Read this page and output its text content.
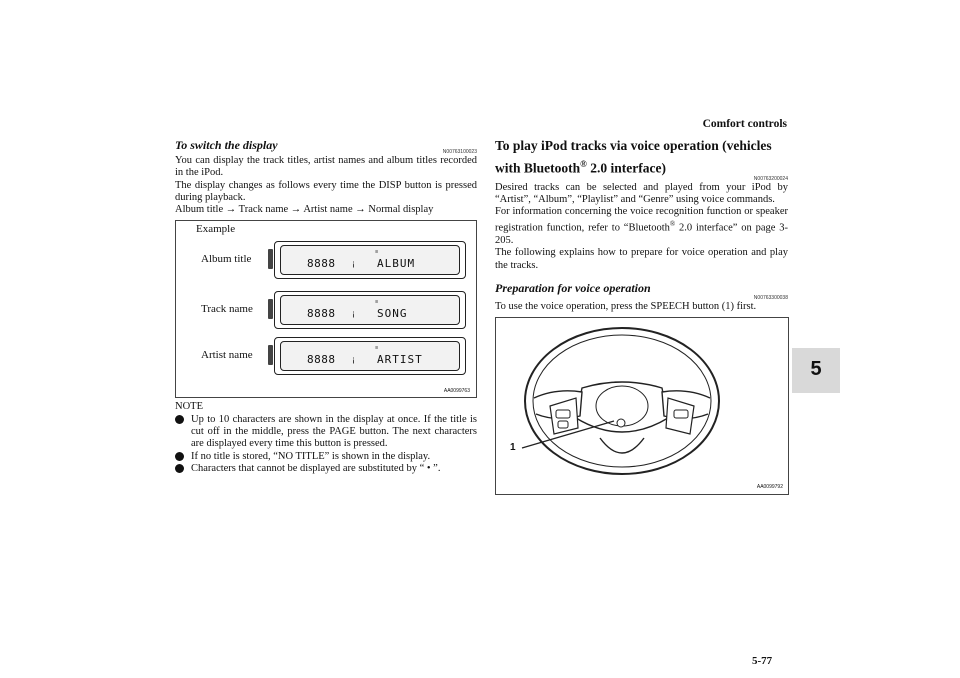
Comfort controls
5-77
5
To switch the display	N00763100023
You can display the track titles, artist names and album titles recorded in the iPod.
The display changes as follows every time the DISP button is pressed during playback.
Album title → Track name → Artist name → Normal display
Example
Album title	8888 ¡
≡
ALBUM
Track name	8888 ¡
≡
SONG
Artist name	8888 ¡
≡
ARTIST
AA0099763
NOTE
Up to 10 characters are shown in the display at once. If the title is cut off in the middle, press the PAGE button. The next characters are displayed every time this button is pressed.
If no title is stored, “NO TITLE” is shown in the display.
Characters that cannot be displayed are substituted by “ • ”.
To play iPod tracks via voice operation (vehicles with Bluetooth® 2.0 interface)
N00763200024
Desired tracks can be selected and played from your iPod by “Artist”, “Album”, “Playlist” and “Genre” using voice commands.
For information concerning the voice recognition function or speaker registration function, refer to “Bluetooth® 2.0 interface” on page 3-205.
The following explains how to prepare for voice operation and play the tracks.
Preparation for voice operation
N00763300038
To use the voice operation, press the SPEECH button (1) first.
1
AA0099792
